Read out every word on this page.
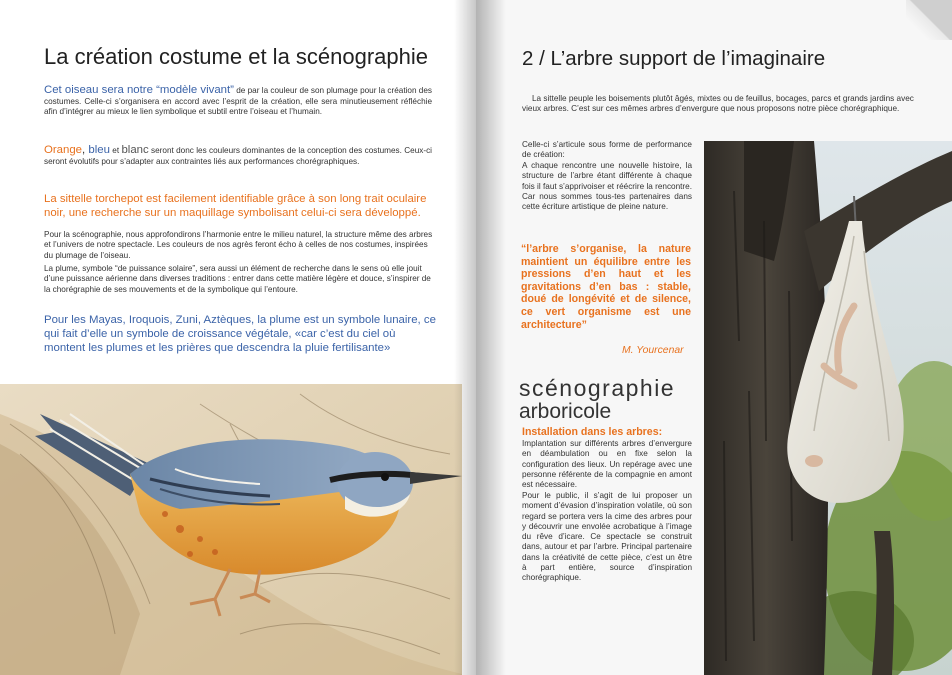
La création costume et la scénographie

Cet oiseau sera notre “modèle vivant” de par la couleur de son plumage pour la création des costumes. Celle-ci s’organisera en accord avec l’esprit de la création, elle sera minutieusement réfléchie afin d’intégrer au mieux le lien symbolique et subtil entre l’oiseau et l’humain.

Orange, bleu et blanc seront donc les couleurs dominantes de la conception des costumes. Ceux-ci seront évolutifs pour s’adapter aux contraintes liés aux performances chorégraphiques.

La sittelle torchepot est facilement identifiable grâce à son long trait oculaire noir, une recherche sur un maquillage symbolisant celui-ci sera développé.

Pour la scénographie, nous approfondirons l’harmonie entre le milieu naturel, la structure même des arbres et l’univers de notre spectacle. Les couleurs de nos agrès feront écho à celles de nos costumes, inspirées du plumage de l’oiseau.

La plume, symbole “de puissance solaire”, sera aussi un élément de recherche dans le sens où elle jouit d’une puissance aérienne dans diverses traditions : entrer dans cette matière légère et douce, s’inspirer de la chorégraphie de ses mouvements et de la symbolique qui l’entoure.

Pour les Mayas, Iroquois, Zuni, Aztèques, la plume est un symbole lunaire, ce qui fait d’elle un symbole de croissance végétale, «car c’est du ciel où montent les plumes et les prières que descendra la pluie fertilisante»

2 / L’arbre support de l’imaginaire

La sittelle peuple les boisements plutôt âgés, mixtes ou de feuillus, bocages, parcs et grands jardins avec vieux arbres. C’est sur ces mêmes arbres d’envergure que nous proposons notre pièce chorégraphique.

Celle-ci s’articule sous forme de performance de création:

A chaque rencontre une nouvelle histoire, la structure de l’arbre étant différente à chaque fois il faut s’apprivoiser et réécrire la rencontre. Car nous sommes tous-tes partenaires dans cette écriture artistique de pleine nature.

“l’arbre s’organise, la nature maintient un équilibre entre les pressions d’en haut et les gravitations d’en bas : stable, doué de longévité et de silence, ce vert organisme est une architecture”

M. Yourcenar

scénographie

arboricole

Installation dans les arbres:

Implantation sur différents arbres d’envergure en déambulation ou en fixe selon la configuration des lieux. Un repérage avec une personne référente de la compagnie en amont est nécessaire.

Pour le public, il s’agit de lui proposer un moment d’évasion d’inspiration volatile, où son regard se portera vers la cime des arbres pour y découvrir une envolée acrobatique à l’image du rêve d’icare. Ce spectacle se construit dans, autour et par l’arbre. Principal partenaire dans la créativité de cette pièce, c’est un être à part entière, source d’inspiration chorégraphique.
